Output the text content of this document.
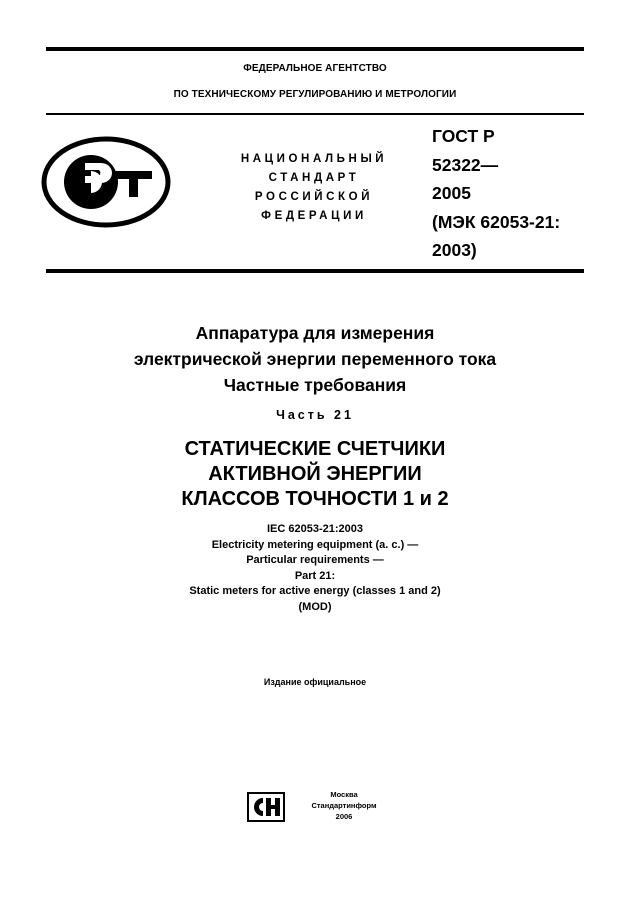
ФЕДЕРАЛЬНОЕ АГЕНТСТВО
ПО ТЕХНИЧЕСКОМУ РЕГУЛИРОВАНИЮ И МЕТРОЛОГИИ
НАЦИОНАЛЬНЫЙ
СТАНДАРТ
РОССИЙСКОЙ
ФЕДЕРАЦИИ
ГОСТ Р
52322—
2005
(МЭК 62053-21:
2003)
Аппаратура для измерения
электрической энергии переменного тока
Частные требования
Часть 21
СТАТИЧЕСКИЕ СЧЕТЧИКИ
АКТИВНОЙ ЭНЕРГИИ
КЛАССОВ ТОЧНОСТИ 1 и 2
IEC 62053-21:2003
Electricity metering equipment (a. c.) —
Particular requirements —
Part 21:
Static meters for active energy (classes 1 and 2)
(MOD)
Издание официальное
Москва
Стандартинформ
2006
